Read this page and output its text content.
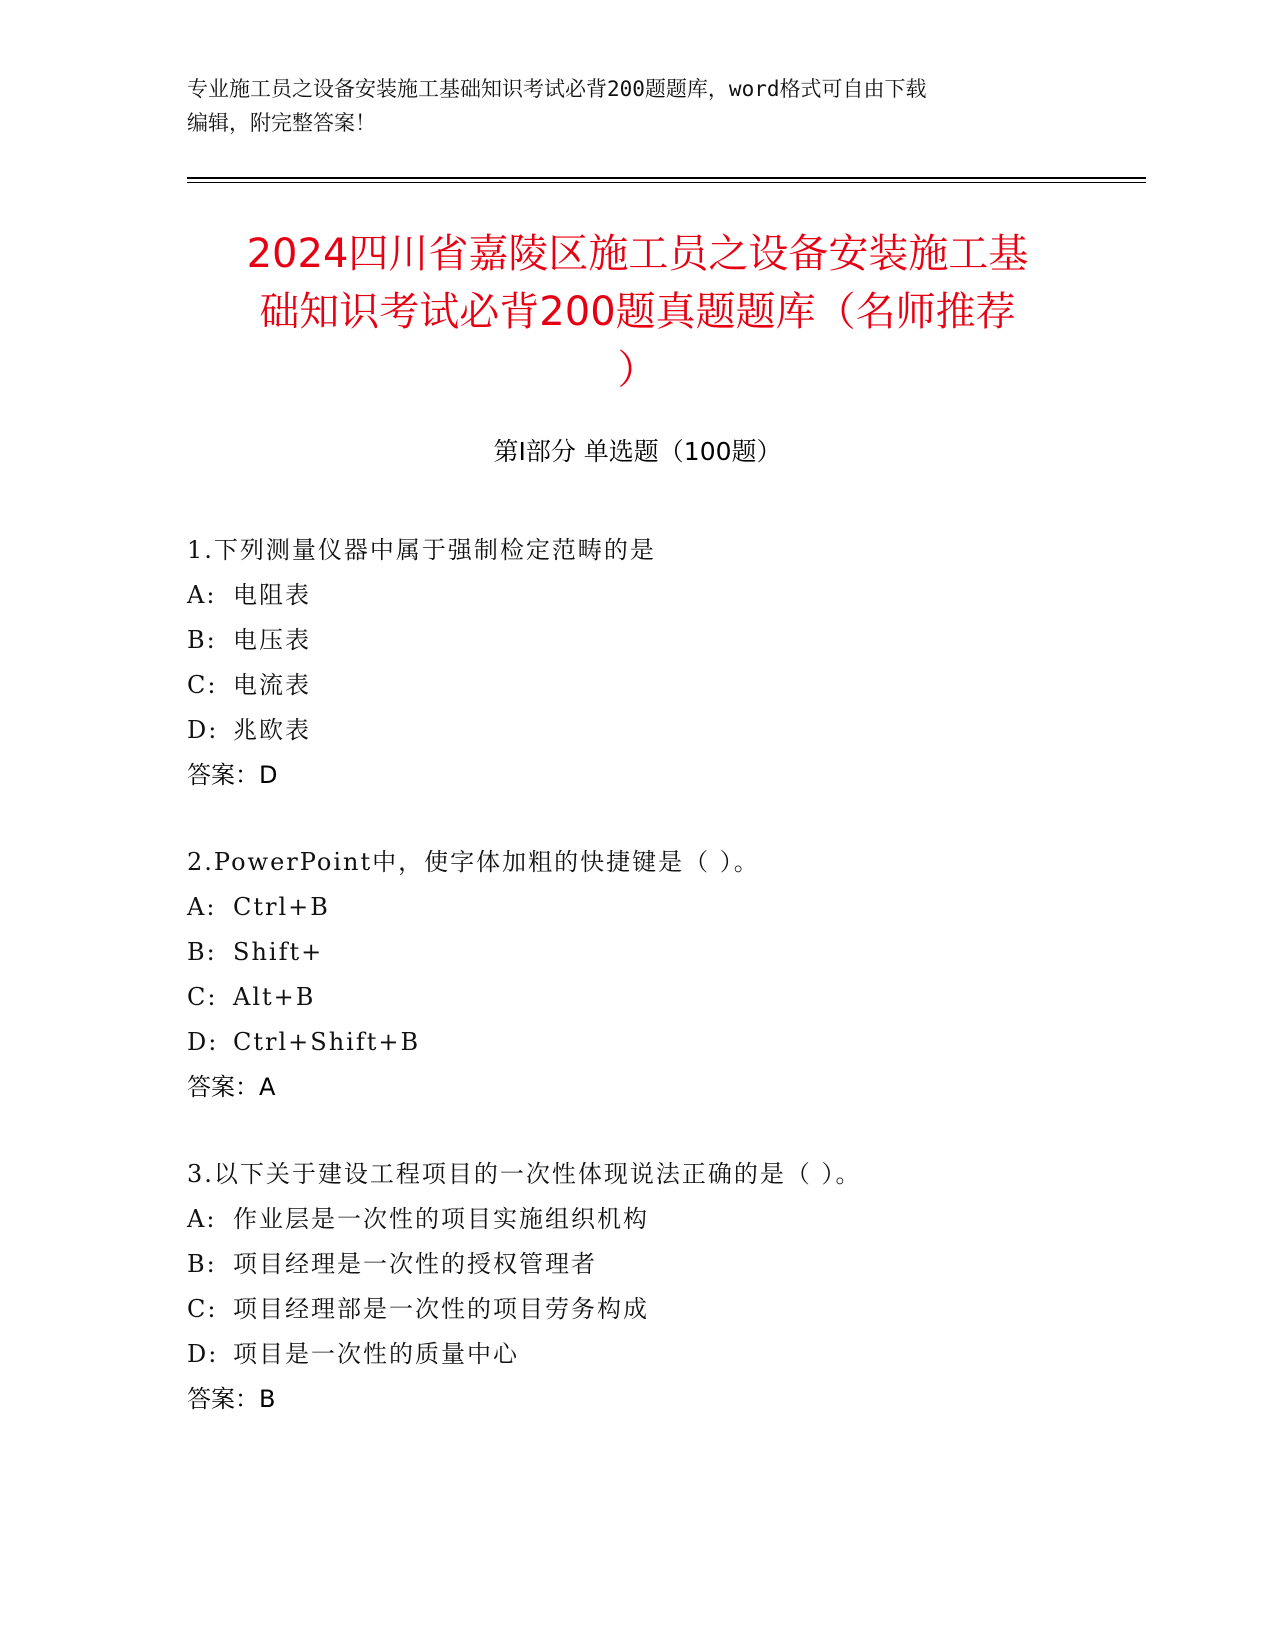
专业施工员之设备安装施工基础知识考试必背200题题库，word格式可自由下载
编辑，附完整答案！
2024四川省嘉陵区施工员之设备安装施工基
础知识考试必背200题真题题库（名师推荐
）
第Ⅰ部分 单选题（100题）
1.下列测量仪器中属于强制检定范畴的是
A: 电阻表
B: 电压表
C: 电流表
D: 兆欧表
答案：D
2.PowerPoint中，使字体加粗的快捷键是（ ）。
A: Ctrl+B
B: Shift+
C: Alt+B
D: Ctrl+Shift+B
答案：A
3.以下关于建设工程项目的一次性体现说法正确的是（ ）。
A: 作业层是一次性的项目实施组织机构
B: 项目经理是一次性的授权管理者
C: 项目经理部是一次性的项目劳务构成
D: 项目是一次性的质量中心
答案：B
